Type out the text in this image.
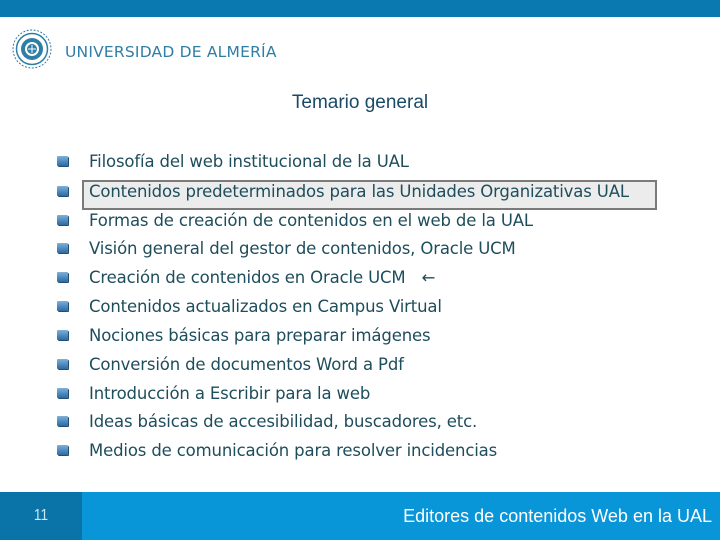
UNIVERSIDAD DE ALMERÍA
Temario general
Filosofía del web institucional de la UAL
Contenidos predeterminados para las Unidades Organizativas UAL
Formas de creación de contenidos en el web de la UAL
Visión general del gestor de contenidos, Oracle UCM
Creación de contenidos en Oracle UCM ←
Contenidos actualizados en Campus Virtual
Nociones básicas para preparar imágenes
Conversión de documentos Word a Pdf
Introducción a Escribir para la web
Ideas básicas de accesibilidad, buscadores, etc.
Medios de comunicación para resolver incidencias
11	Editores de contenidos Web en la UAL
